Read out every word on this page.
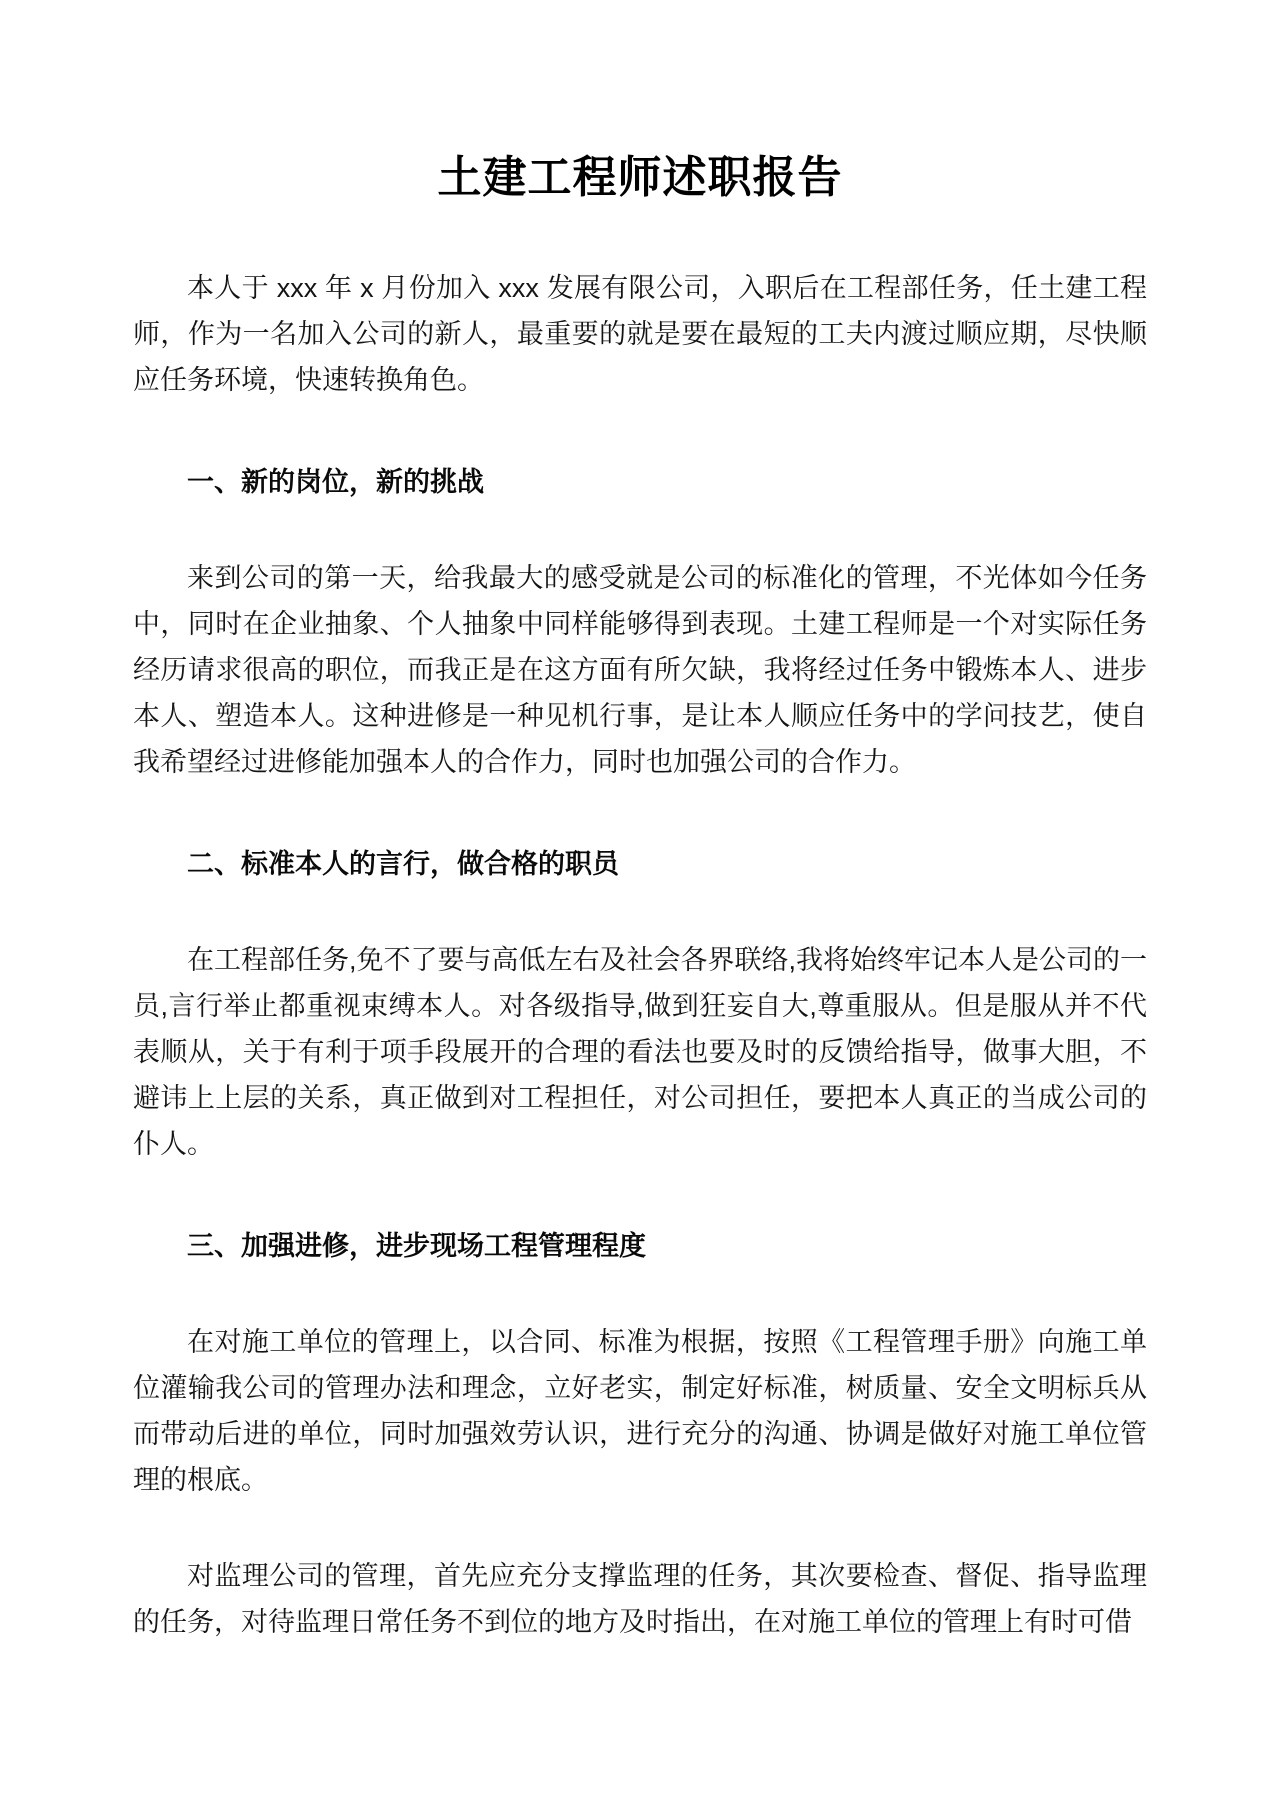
土建工程师述职报告

本人于 xxx 年 x 月份加入 xxx 发展有限公司，入职后在工程部任务，任土建工程师，作为一名加入公司的新人，最重要的就是要在最短的工夫内渡过顺应期，尽快顺应任务环境，快速转换角色。

一、新的岗位，新的挑战

来到公司的第一天，给我最大的感受就是公司的标准化的管理，不光体如今任务中，同时在企业抽象、个人抽象中同样能够得到表现。土建工程师是一个对实际任务经历请求很高的职位，而我正是在这方面有所欠缺，我将经过任务中锻炼本人、进步本人、塑造本人。这种进修是一种见机行事，是让本人顺应任务中的学问技艺，使自我希望经过进修能加强本人的合作力，同时也加强公司的合作力。

二、标准本人的言行，做合格的职员

在工程部任务,免不了要与高低左右及社会各界联络,我将始终牢记本人是公司的一员,言行举止都重视束缚本人。对各级指导,做到狂妄自大,尊重服从。但是服从并不代表顺从，关于有利于项手段展开的合理的看法也要及时的反馈给指导，做事大胆，不避讳上上层的关系，真正做到对工程担任，对公司担任，要把本人真正的当成公司的仆人。

三、加强进修，进步现场工程管理程度

在对施工单位的管理上，以合同、标准为根据，按照《工程管理手册》向施工单位灌输我公司的管理办法和理念，立好老实，制定好标准，树质量、安全文明标兵从而带动后进的单位，同时加强效劳认识，进行充分的沟通、协调是做好对施工单位管理的根底。

对监理公司的管理，首先应充分支撑监理的任务，其次要检查、督促、指导监理的任务，对待监理日常任务不到位的地方及时指出，在对施工单位的管理上有时可借
